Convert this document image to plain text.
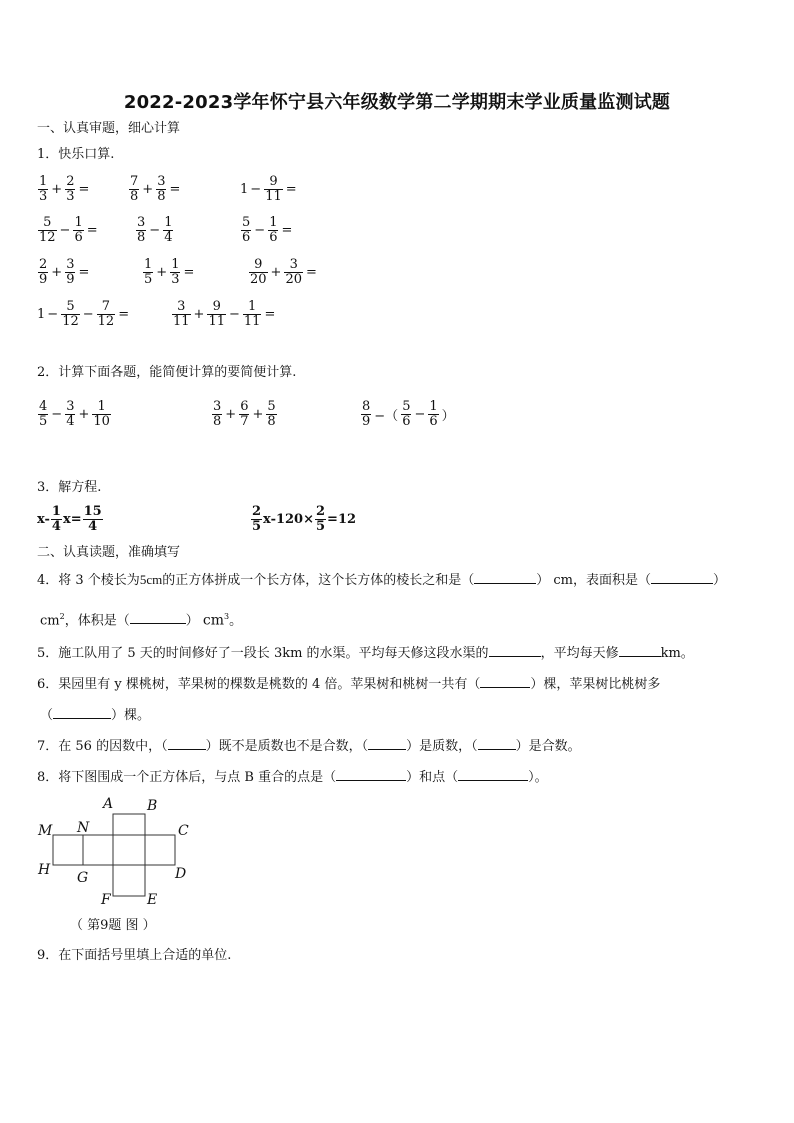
2022-2023学年怀宁县六年级数学第二学期期末学业质量监测试题
一、认真审题，细心计算
1．快乐口算.
$\frac{1}{3} + \frac{2}{3}$ =	$\frac{7}{8} + \frac{3}{8}$ =	$1 - \frac{9}{11}$ =
$\frac{5}{12} - \frac{1}{6}$ =	$\frac{3}{8} - \frac{1}{4}$	$\frac{5}{6} - \frac{1}{6}$ =
$\frac{2}{9} + \frac{3}{9}$ =	$\frac{1}{5} + \frac{1}{3}$ =	$\frac{9}{20} + \frac{3}{20}$ =
$1 - \frac{5}{12} - \frac{7}{12}$ =	$\frac{3}{11} + \frac{9}{11} - \frac{1}{11}$ =
2．计算下面各题，能简便计算的要简便计算.
$\frac{4}{5} - \frac{3}{4} + \frac{1}{10}$	$\frac{3}{8} + \frac{6}{7} + \frac{5}{8}$	$\frac{8}{9}$ −（ $\frac{5}{6} - \frac{1}{6}$ ）
3．解方程.
$x- \frac{1}{4} x= \frac{15}{4}$	$\frac{2}{5} x-120\times \frac{2}{5} =12$
二、认真读题，准确填写
4．将 3 个棱长为5cm的正方体拼成一个长方体，这个长方体的棱长之和是（	） cm，表面积是（	）
$cm^2$，体积是（	） $cm^3$。
5．施工队用了 5 天的时间修好了一段长 3km 的水渠。平均每天修这段水渠的	，平均每天修	km。
6．果园里有 y 棵桃树，苹果树的棵数是桃数的 4 倍。苹果树和桃树一共有（	）棵，苹果树比桃树多
（	）棵。
7．在 56 的因数中，（	）既不是质数也不是合数，（	）是质数，（	）是合数。
8．将下图围成一个正方体后，与点 B 重合的点是（	）和点（	）。
A B
C
D
E
F
G
H
M N
（ 第9题 图 ）
9．在下面括号里填上合适的单位.
